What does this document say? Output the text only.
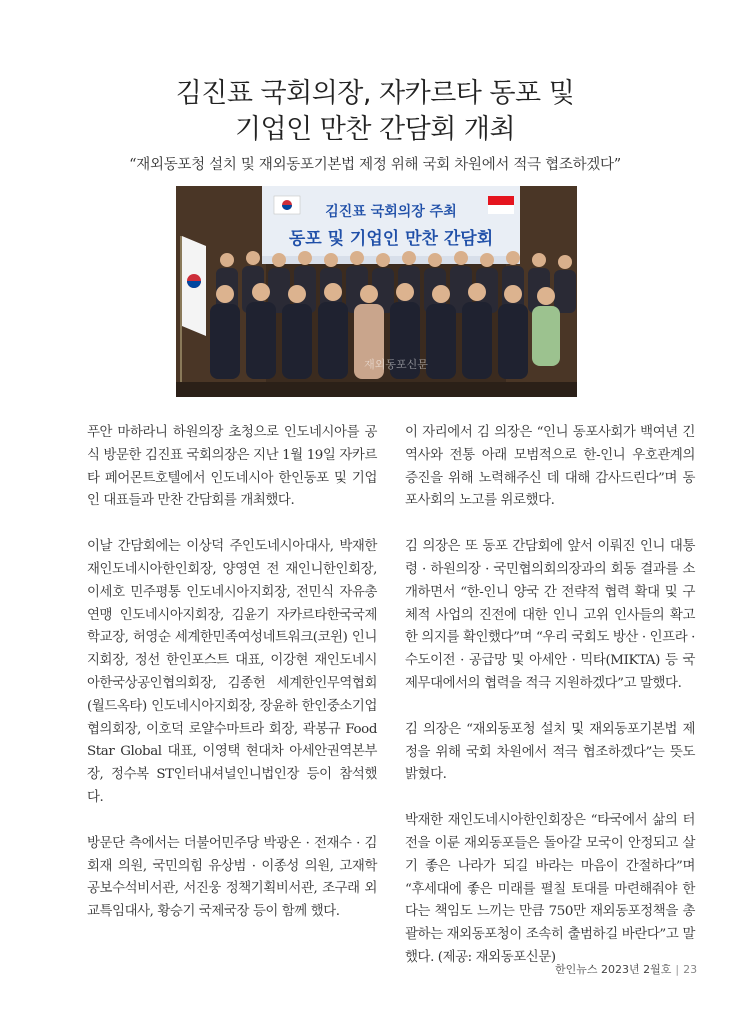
김진표 국회의장, 자카르타 동포 및
기업인 만찬 간담회 개최
“재외동포청 설치 및 재외동포기본법 제정 위해 국회 차원에서 적극 협조하겠다”
김진표 국회의장 주최
동포 및 기업인 만찬 간담회
재외동포신문

푸안 마하라니 하원의장 초청으로 인도네시아를 공식 방문한 김진표 국회의장은 지난 1월 19일 자카르타 페어몬트호텔에서 인도네시아 한인동포 및 기업인 대표들과 만찬 간담회를 개최했다.

이날 간담회에는 이상덕 주인도네시아대사, 박재한 재인도네시아한인회장, 양영연 전 재인니한인회장, 이세호 민주평통 인도네시아지회장, 전민식 자유총연맹 인도네시아지회장, 김윤기 자카르타한국국제학교장, 허영순 세계한민족여성네트워크(코윈) 인니지회장, 정선 한인포스트 대표, 이강현 재인도네시아한국상공인협의회장, 김종헌 세계한인무역협회(월드옥타) 인도네시아지회장, 장윤하 한인중소기업협의회장, 이호덕 로얄수마트라 회장, 곽봉규 Food Star Global 대표, 이영택 현대차 아세안권역본부장, 정수복 ST인터내셔널인니법인장 등이 참석했다.

방문단 측에서는 더불어민주당 박광온 · 전재수 · 김회재 의원, 국민의힘 유상범 · 이종성 의원, 고재학 공보수석비서관, 서진웅 정책기획비서관, 조구래 외교특임대사, 황승기 국제국장 등이 함께 했다.

이 자리에서 김 의장은 “인니 동포사회가 백여년 긴 역사와 전통 아래 모범적으로 한-인니 우호관계의 증진을 위해 노력해주신 데 대해 감사드린다”며 동포사회의 노고를 위로했다.

김 의장은 또 동포 간담회에 앞서 이뤄진 인니 대통령 · 하원의장 · 국민협의회의장과의 회동 결과를 소개하면서 “한-인니 양국 간 전략적 협력 확대 및 구체적 사업의 진전에 대한 인니 고위 인사들의 확고한 의지를 확인했다”며 “우리 국회도 방산 · 인프라 · 수도이전 · 공급망 및 아세안 · 믹타(MIKTA) 등 국제무대에서의 협력을 적극 지원하겠다”고 말했다.

김 의장은 “재외동포청 설치 및 재외동포기본법 제정을 위해 국회 차원에서 적극 협조하겠다”는 뜻도 밝혔다.

박재한 재인도네시아한인회장은 “타국에서 삶의 터전을 이룬 재외동포들은 돌아갈 모국이 안정되고 살기 좋은 나라가 되길 바라는 마음이 간절하다”며 “후세대에 좋은 미래를 펼칠 토대를 마련해줘야 한다는 책임도 느끼는 만큼 750만 재외동포정책을 총괄하는 재외동포청이 조속히 출범하길 바란다”고 말했다. (제공: 재외동포신문)

한인뉴스 2023년 2월호 | 23
